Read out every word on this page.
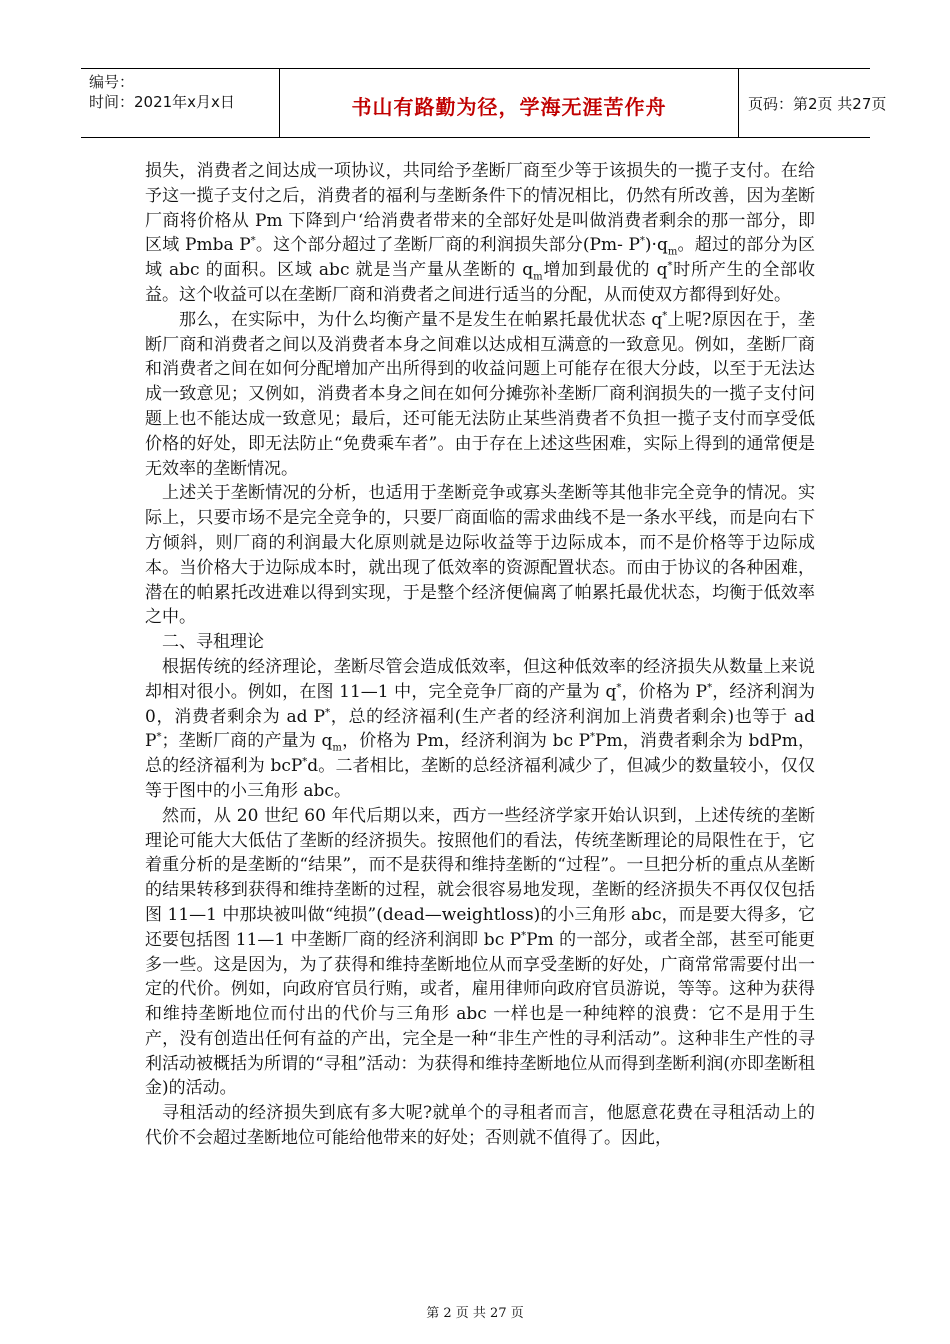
编号：
时间：2021年x月x日	书山有路勤为径，学海无涯苦作舟	页码：第2页 共27页

损失，消费者之间达成一项协议，共同给予垄断厂商至少等于该损失的一揽子支付。在给予这一揽子支付之后，消费者的福利与垄断条件下的情况相比，仍然有所改善，因为垄断厂商将价格从 Pm 下降到户‘给消费者带来的全部好处是叫做消费者剩余的那一部分，即区域 Pmba P*。这个部分超过了垄断厂商的利润损失部分(Pm- $P^*)\cdot q_m$。超过的部分为区域 abc 的面积。区域 abc 就是当产量从垄断的 $q_m$增加到最优的 q*时所产生的全部收益。这个收益可以在垄断厂商和消费者之间进行适当的分配，从而使双方都得到好处。

那么，在实际中，为什么均衡产量不是发生在帕累托最优状态 q*上呢?原因在于，垄断厂商和消费者之间以及消费者本身之间难以达成相互满意的一致意见。例如，垄断厂商和消费者之间在如何分配增加产出所得到的收益问题上可能存在很大分歧，以至于无法达成一致意见；又例如，消费者本身之间在如何分摊弥补垄断厂商利润损失的一揽子支付问题上也不能达成一致意见；最后，还可能无法防止某些消费者不负担一揽子支付而享受低价格的好处，即无法防止“免费乘车者”。由于存在上述这些困难，实际上得到的通常便是无效率的垄断情况。

上述关于垄断情况的分析，也适用于垄断竞争或寡头垄断等其他非完全竞争的情况。实际上，只要市场不是完全竞争的，只要厂商面临的需求曲线不是一条水平线，而是向右下方倾斜，则厂商的利润最大化原则就是边际收益等于边际成本，而不是价格等于边际成本。当价格大于边际成本时，就出现了低效率的资源配置状态。而由于协议的各种困难，潜在的帕累托改进难以得到实现，于是整个经济便偏离了帕累托最优状态，均衡于低效率之中。

二、寻租理论

根据传统的经济理论，垄断尽管会造成低效率，但这种低效率的经济损失从数量上来说却相对很小。例如，在图 11—1 中，完全竞争厂商的产量为 q*，价格为 P*，经济利润为 0，消费者剩余为 ad P*，总的经济福利(生产者的经济利润加上消费者剩余)也等于 ad P*；垄断厂商的产量为 $q_m$，价格为 Pm，经济利润为 bc P*Pm，消费者剩余为 bdPm，总的经济福利为 bcP*d。二者相比，垄断的总经济福利减少了，但减少的数量较小，仅仅等于图中的小三角形 abc。

然而，从 20 世纪 60 年代后期以来，西方一些经济学家开始认识到，上述传统的垄断理论可能大大低估了垄断的经济损失。按照他们的看法，传统垄断理论的局限性在于，它着重分析的是垄断的“结果”，而不是获得和维持垄断的“过程”。一旦把分析的重点从垄断的结果转移到获得和维持垄断的过程，就会很容易地发现，垄断的经济损失不再仅仅包括图 11—1 中那块被叫做“纯损”(dead—weightloss)的小三角形 abc，而是要大得多，它还要包括图 11—1 中垄断厂商的经济利润即 bc P*Pm 的一部分，或者全部，甚至可能更多一些。这是因为，为了获得和维持垄断地位从而享受垄断的好处，广商常常需要付出一定的代价。例如，向政府官员行贿，或者，雇用律师向政府官员游说，等等。这种为获得和维持垄断地位而付出的代价与三角形 abc 一样也是一种纯粹的浪费：它不是用于生产，没有创造出任何有益的产出，完全是一种“非生产性的寻利活动”。这种非生产性的寻利活动被概括为所谓的“寻租”活动：为获得和维持垄断地位从而得到垄断利润(亦即垄断租金)的活动。

寻租活动的经济损失到底有多大呢?就单个的寻租者而言，他愿意花费在寻租活动上的代价不会超过垄断地位可能给他带来的好处；否则就不值得了。因此，

第 2 页 共 27 页
